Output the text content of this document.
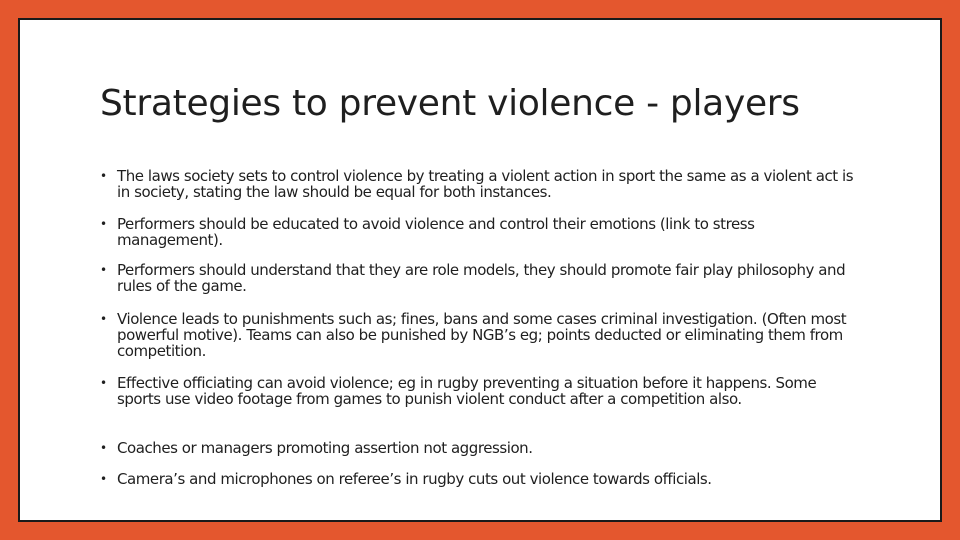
Strategies to prevent violence - players
• The laws society sets to control violence by treating a violent action in sport the same as a violent act is in society, stating the law should be equal for both instances.
• Performers should be educated to avoid violence and control their emotions (link to stress management).
• Performers should understand that they are role models, they should promote fair play philosophy and rules of the game.
• Violence leads to punishments such as; fines, bans and some cases criminal investigation. (Often most powerful motive). Teams can also be punished by NGB’s eg; points deducted or eliminating them from competition.
• Effective officiating can avoid violence; eg in rugby preventing a situation before it happens. Some sports use video footage from games to punish violent conduct after a competition also.
• Coaches or managers promoting assertion not aggression.
• Camera’s and microphones on referee’s in rugby cuts out violence towards officials.
